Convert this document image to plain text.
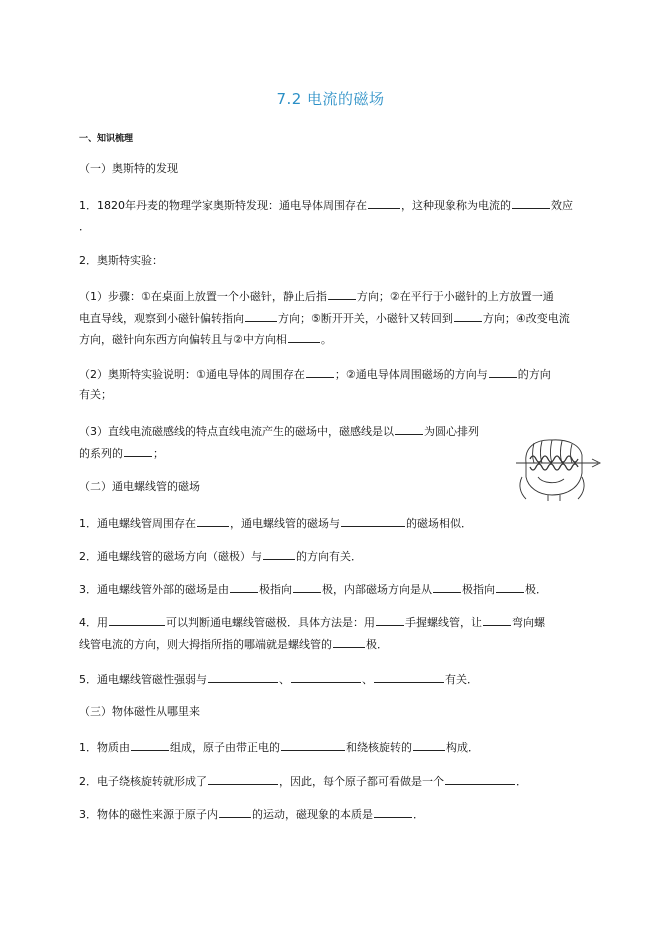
7.2 电流的磁场
一、知识梳理
（一）奥斯特的发现
1．1820年丹麦的物理学家奥斯特发现：通电导体周围存在	，这种现象称为电流的	效应
．
2．奥斯特实验：
（1）步骤：①在桌面上放置一个小磁针，静止后指	方向；②在平行于小磁针的上方放置一通
电直导线，观察到小磁针偏转指向	方向；⑤断开开关，小磁针又转回到	方向；④改变电流
方向，磁针向东西方向偏转且与②中方向相	。
（2）奥斯特实验说明：①通电导体的周围存在	；②通电导体周围磁场的方向与	的方向
有关；
（3）直线电流磁感线的特点直线电流产生的磁场中，磁感线是以	为圆心排列
的系列的	；
（二）通电螺线管的磁场
1．通电螺线管周围存在	，通电螺线管的磁场与	的磁场相似．
2．通电螺线管的磁场方向（磁极）与	的方向有关．
3．通电螺线管外部的磁场是由	极指向	极，内部磁场方向是从	极指向	极．
4．用	可以判断通电螺线管磁极．具体方法是：用	手握螺线管，让	弯向螺
线管电流的方向，则大拇指所指的哪端就是螺线管的	极．
5．通电螺线管磁性强弱与	、	、	有关．
（三）物体磁性从哪里来
1．物质由	组成，原子由带正电的	和绕核旋转的	构成．
2．电子绕核旋转就形成了	，因此，每个原子都可看做是一个	．
3．物体的磁性来源于原子内	的运动，磁现象的本质是	．
